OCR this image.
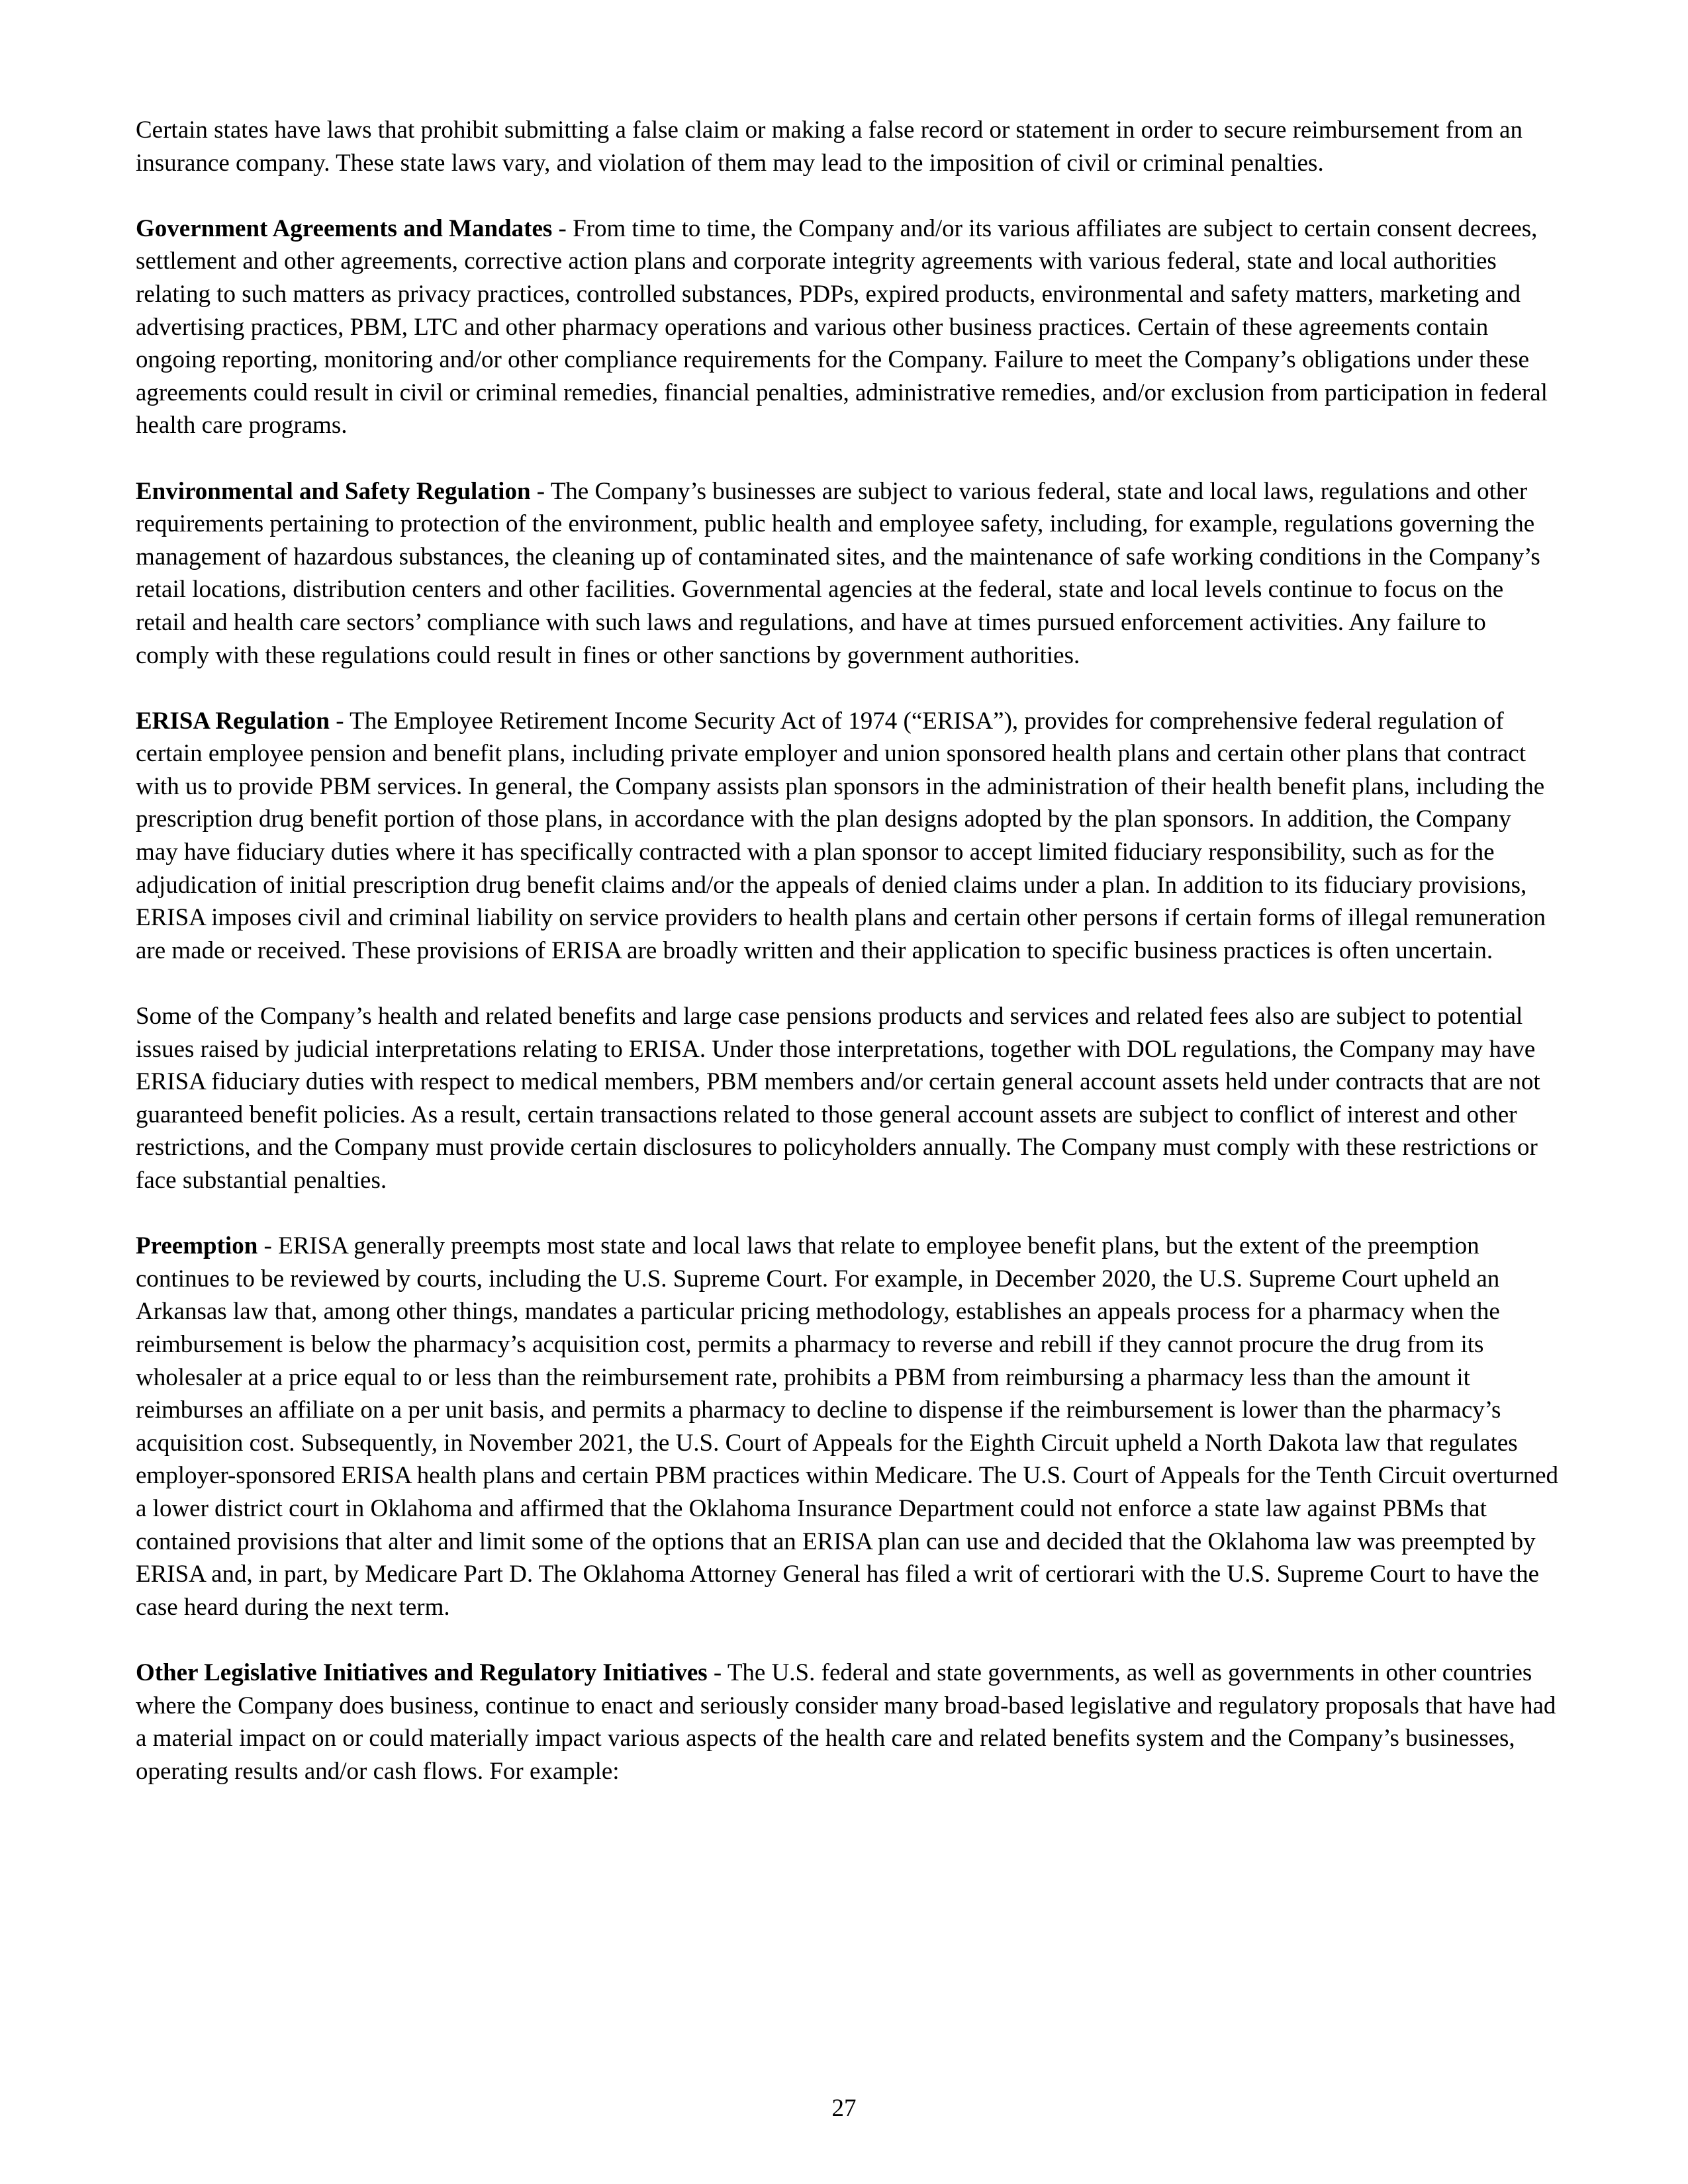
Certain states have laws that prohibit submitting a false claim or making a false record or statement in order to secure reimbursement from an insurance company. These state laws vary, and violation of them may lead to the imposition of civil or criminal penalties.

Government Agreements and Mandates - From time to time, the Company and/or its various affiliates are subject to certain consent decrees, settlement and other agreements, corrective action plans and corporate integrity agreements with various federal, state and local authorities relating to such matters as privacy practices, controlled substances, PDPs, expired products, environmental and safety matters, marketing and advertising practices, PBM, LTC and other pharmacy operations and various other business practices. Certain of these agreements contain ongoing reporting, monitoring and/or other compliance requirements for the Company. Failure to meet the Company’s obligations under these agreements could result in civil or criminal remedies, financial penalties, administrative remedies, and/or exclusion from participation in federal health care programs.

Environmental and Safety Regulation - The Company’s businesses are subject to various federal, state and local laws, regulations and other requirements pertaining to protection of the environment, public health and employee safety, including, for example, regulations governing the management of hazardous substances, the cleaning up of contaminated sites, and the maintenance of safe working conditions in the Company’s retail locations, distribution centers and other facilities. Governmental agencies at the federal, state and local levels continue to focus on the retail and health care sectors’ compliance with such laws and regulations, and have at times pursued enforcement activities. Any failure to comply with these regulations could result in fines or other sanctions by government authorities.

ERISA Regulation - The Employee Retirement Income Security Act of 1974 (“ERISA”), provides for comprehensive federal regulation of certain employee pension and benefit plans, including private employer and union sponsored health plans and certain other plans that contract with us to provide PBM services. In general, the Company assists plan sponsors in the administration of their health benefit plans, including the prescription drug benefit portion of those plans, in accordance with the plan designs adopted by the plan sponsors. In addition, the Company may have fiduciary duties where it has specifically contracted with a plan sponsor to accept limited fiduciary responsibility, such as for the adjudication of initial prescription drug benefit claims and/or the appeals of denied claims under a plan. In addition to its fiduciary provisions, ERISA imposes civil and criminal liability on service providers to health plans and certain other persons if certain forms of illegal remuneration are made or received. These provisions of ERISA are broadly written and their application to specific business practices is often uncertain.

Some of the Company’s health and related benefits and large case pensions products and services and related fees also are subject to potential issues raised by judicial interpretations relating to ERISA. Under those interpretations, together with DOL regulations, the Company may have ERISA fiduciary duties with respect to medical members, PBM members and/or certain general account assets held under contracts that are not guaranteed benefit policies. As a result, certain transactions related to those general account assets are subject to conflict of interest and other restrictions, and the Company must provide certain disclosures to policyholders annually. The Company must comply with these restrictions or face substantial penalties.

Preemption - ERISA generally preempts most state and local laws that relate to employee benefit plans, but the extent of the preemption continues to be reviewed by courts, including the U.S. Supreme Court. For example, in December 2020, the U.S. Supreme Court upheld an Arkansas law that, among other things, mandates a particular pricing methodology, establishes an appeals process for a pharmacy when the reimbursement is below the pharmacy’s acquisition cost, permits a pharmacy to reverse and rebill if they cannot procure the drug from its wholesaler at a price equal to or less than the reimbursement rate, prohibits a PBM from reimbursing a pharmacy less than the amount it reimburses an affiliate on a per unit basis, and permits a pharmacy to decline to dispense if the reimbursement is lower than the pharmacy’s acquisition cost. Subsequently, in November 2021, the U.S. Court of Appeals for the Eighth Circuit upheld a North Dakota law that regulates employer-sponsored ERISA health plans and certain PBM practices within Medicare. The U.S. Court of Appeals for the Tenth Circuit overturned a lower district court in Oklahoma and affirmed that the Oklahoma Insurance Department could not enforce a state law against PBMs that contained provisions that alter and limit some of the options that an ERISA plan can use and decided that the Oklahoma law was preempted by ERISA and, in part, by Medicare Part D. The Oklahoma Attorney General has filed a writ of certiorari with the U.S. Supreme Court to have the case heard during the next term.

Other Legislative Initiatives and Regulatory Initiatives - The U.S. federal and state governments, as well as governments in other countries where the Company does business, continue to enact and seriously consider many broad-based legislative and regulatory proposals that have had a material impact on or could materially impact various aspects of the health care and related benefits system and the Company’s businesses, operating results and/or cash flows. For example:

27
